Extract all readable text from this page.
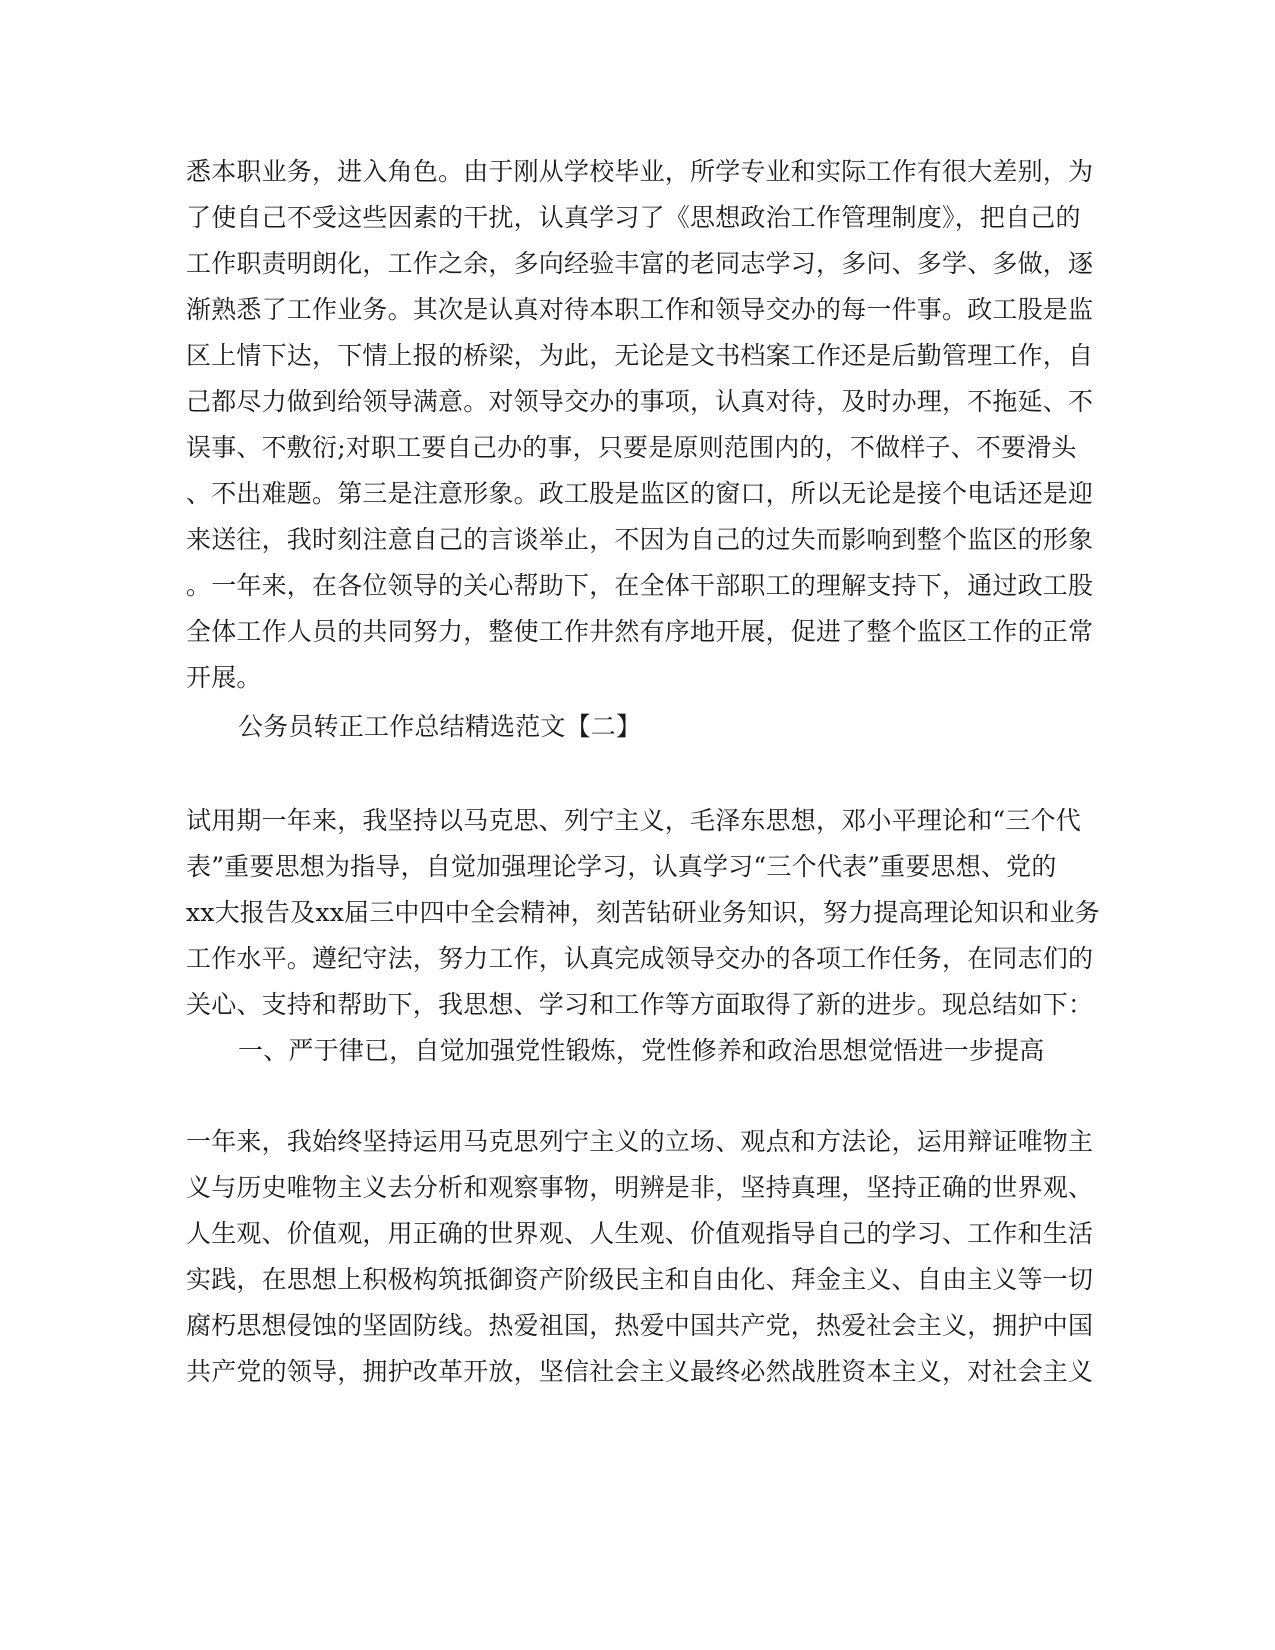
悉本职业务，进入角色。由于刚从学校毕业，所学专业和实际工作有很大差别，为
了使自己不受这些因素的干扰，认真学习了《思想政治工作管理制度》，把自己的
工作职责明朗化，工作之余，多向经验丰富的老同志学习，多问、多学、多做，逐
渐熟悉了工作业务。其次是认真对待本职工作和领导交办的每一件事。政工股是监
区上情下达，下情上报的桥梁，为此，无论是文书档案工作还是后勤管理工作，自
己都尽力做到给领导满意。对领导交办的事项，认真对待，及时办理，不拖延、不
误事、不敷衍;对职工要自己办的事，只要是原则范围内的，不做样子、不要滑头
、不出难题。第三是注意形象。政工股是监区的窗口，所以无论是接个电话还是迎
来送往，我时刻注意自己的言谈举止，不因为自己的过失而影响到整个监区的形象
。一年来，在各位领导的关心帮助下，在全体干部职工的理解支持下，通过政工股
全体工作人员的共同努力，整使工作井然有序地开展，促进了整个监区工作的正常
开展。
公务员转正工作总结精选范文【二】
试用期一年来，我坚持以马克思、列宁主义，毛泽东思想，邓小平理论和“三个代
表”重要思想为指导，自觉加强理论学习，认真学习“三个代表”重要思想、党的
xx大报告及xx届三中四中全会精神，刻苦钻研业务知识，努力提高理论知识和业务
工作水平。遵纪守法，努力工作，认真完成领导交办的各项工作任务，在同志们的
关心、支持和帮助下，我思想、学习和工作等方面取得了新的进步。现总结如下：
一、严于律已，自觉加强党性锻炼，党性修养和政治思想觉悟进一步提高
一年来，我始终坚持运用马克思列宁主义的立场、观点和方法论，运用辩证唯物主
义与历史唯物主义去分析和观察事物，明辨是非，坚持真理，坚持正确的世界观、
人生观、价值观，用正确的世界观、人生观、价值观指导自己的学习、工作和生活
实践，在思想上积极构筑抵御资产阶级民主和自由化、拜金主义、自由主义等一切
腐朽思想侵蚀的坚固防线。热爱祖国，热爱中国共产党，热爱社会主义，拥护中国
共产党的领导，拥护改革开放，坚信社会主义最终必然战胜资本主义，对社会主义
